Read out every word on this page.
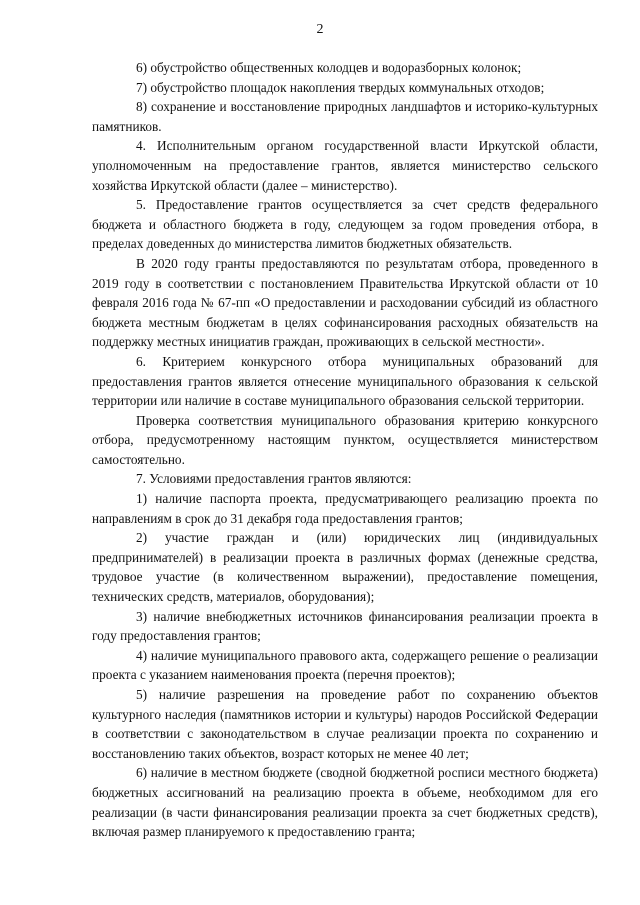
2

6) обустройство общественных колодцев и водоразборных колонок;

7) обустройство площадок накопления твердых коммунальных отходов;

8) сохранение и восстановление природных ландшафтов и историко-культурных памятников.

4. Исполнительным органом государственной власти Иркутской области, уполномоченным на предоставление грантов, является министерство сельского хозяйства Иркутской области (далее – министерство).

5. Предоставление грантов осуществляется за счет средств федерального бюджета и областного бюджета в году, следующем за годом проведения отбора, в пределах доведенных до министерства лимитов бюджетных обязательств.

В 2020 году гранты предоставляются по результатам отбора, проведенного в 2019 году в соответствии с постановлением Правительства Иркутской области от 10 февраля 2016 года № 67-пп «О предоставлении и расходовании субсидий из областного бюджета местным бюджетам в целях софинансирования расходных обязательств на поддержку местных инициатив граждан, проживающих в сельской местности».

6. Критерием конкурсного отбора муниципальных образований для предоставления грантов является отнесение муниципального образования к сельской территории или наличие в составе муниципального образования сельской территории.

Проверка соответствия муниципального образования критерию конкурсного отбора, предусмотренному настоящим пунктом, осуществляется министерством самостоятельно.

7. Условиями предоставления грантов являются:

1) наличие паспорта проекта, предусматривающего реализацию проекта по направлениям в срок до 31 декабря года предоставления грантов;

2) участие граждан и (или) юридических лиц (индивидуальных предпринимателей) в реализации проекта в различных формах (денежные средства, трудовое участие (в количественном выражении), предоставление помещения, технических средств, материалов, оборудования);

3) наличие внебюджетных источников финансирования реализации проекта в году предоставления грантов;

4) наличие муниципального правового акта, содержащего решение о реализации проекта с указанием наименования проекта (перечня проектов);

5) наличие разрешения на проведение работ по сохранению объектов культурного наследия (памятников истории и культуры) народов Российской Федерации в соответствии с законодательством в случае реализации проекта по сохранению и восстановлению таких объектов, возраст которых не менее 40 лет;

6) наличие в местном бюджете (сводной бюджетной росписи местного бюджета) бюджетных ассигнований на реализацию проекта в объеме, необходимом для его реализации (в части финансирования реализации проекта за счет бюджетных средств), включая размер планируемого к предоставлению гранта;
